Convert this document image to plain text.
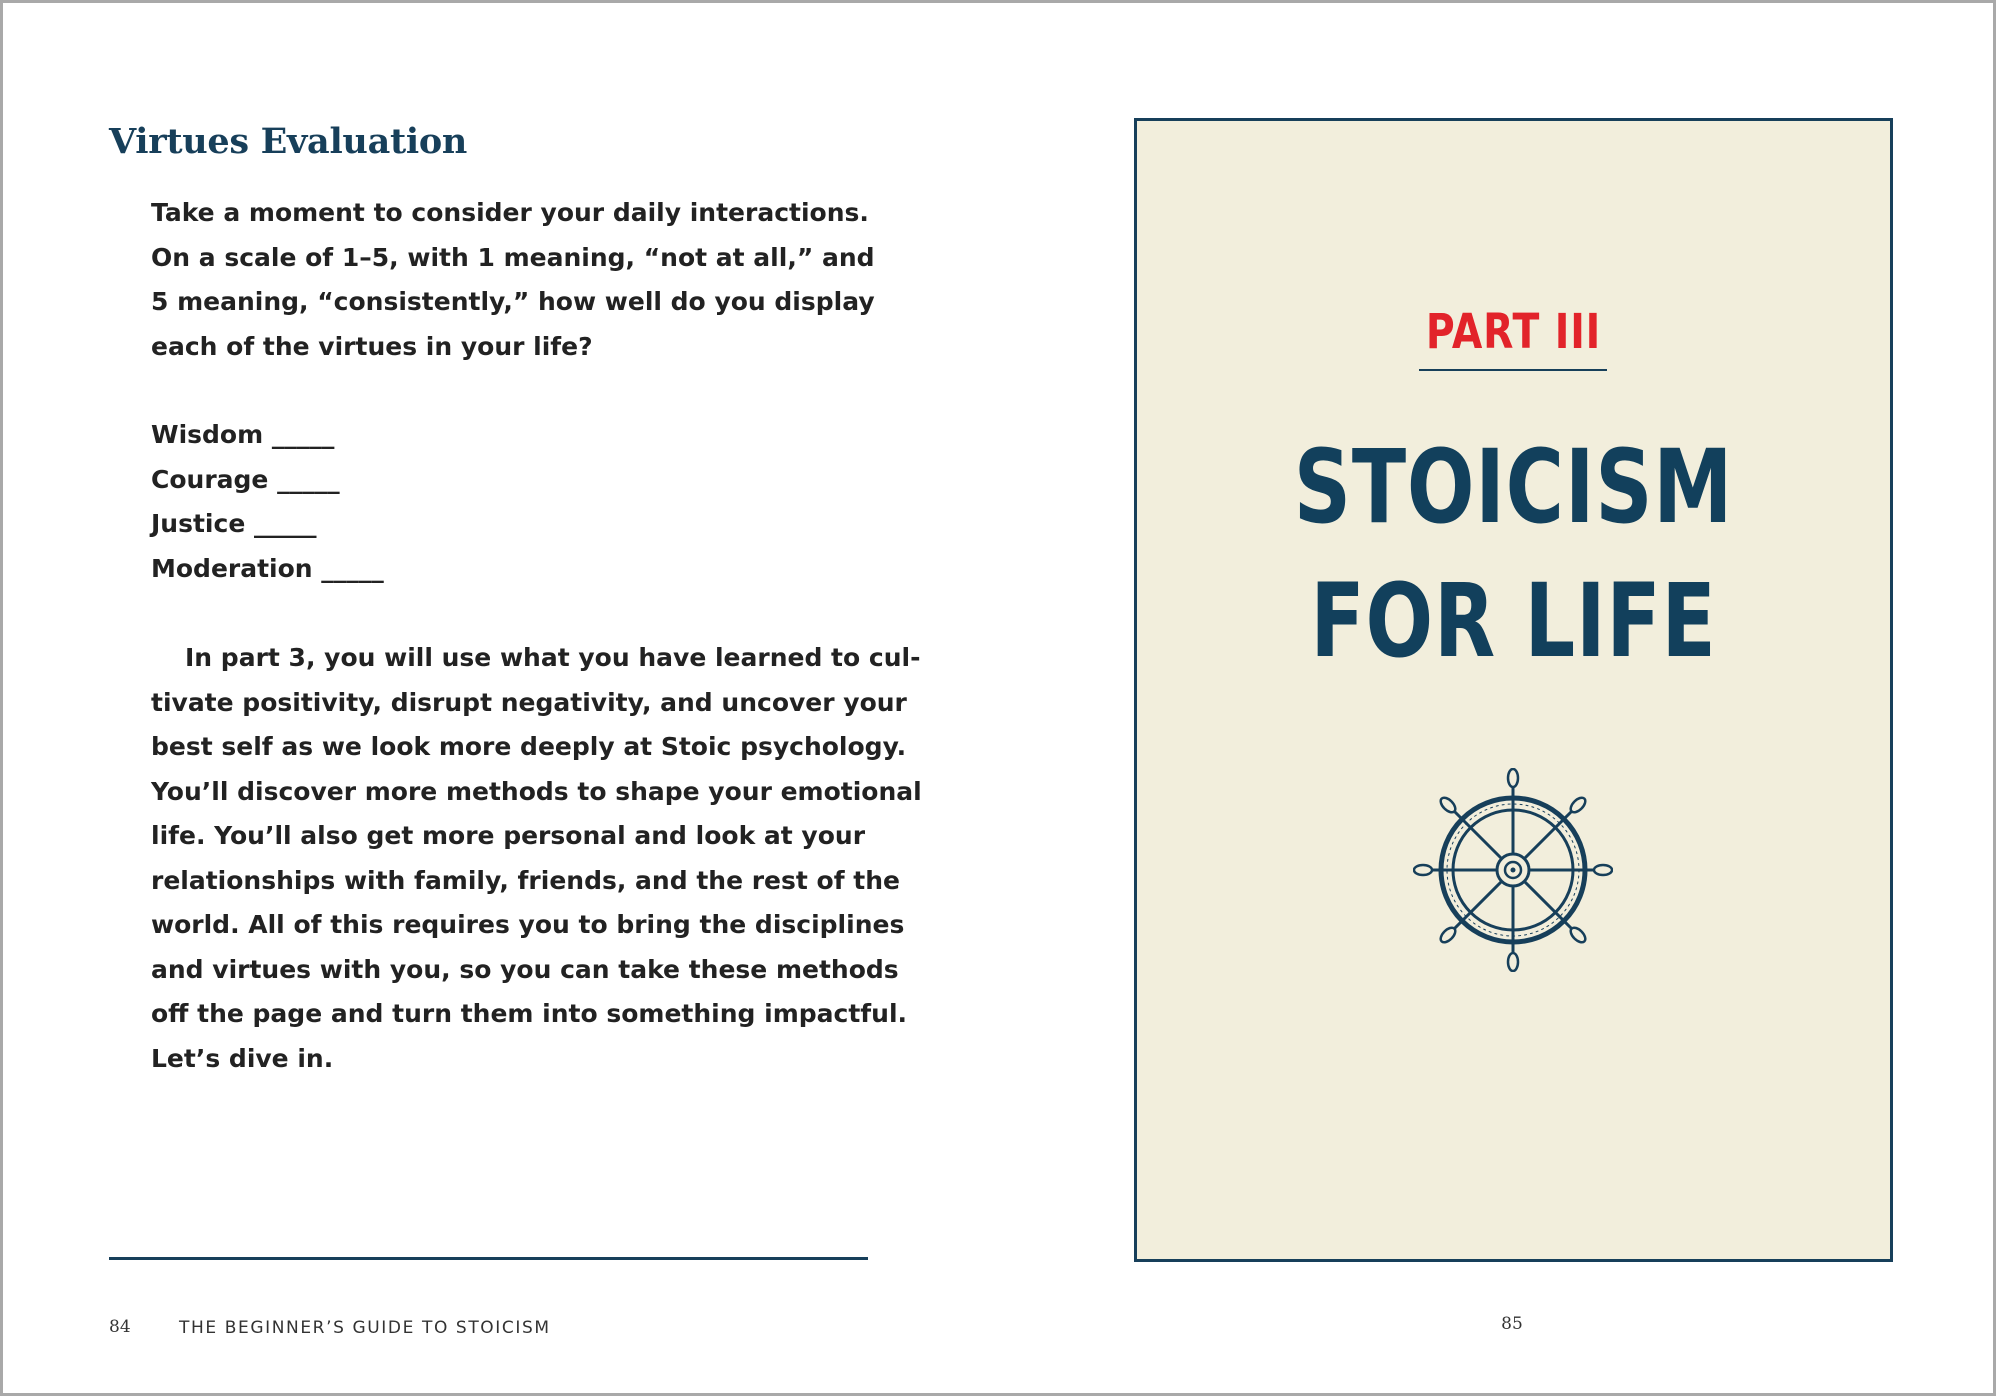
Virtues Evaluation

Take a moment to consider your daily interactions.
On a scale of 1–5, with 1 meaning, “not at all,” and
5 meaning, “consistently,” how well do you display
each of the virtues in your life?

Wisdom _____
Courage _____
Justice _____
Moderation _____

In part 3, you will use what you have learned to cul-
tivate positivity, disrupt negativity, and uncover your
best self as we look more deeply at Stoic psychology.
You’ll discover more methods to shape your emotional
life. You’ll also get more personal and look at your
relationships with family, friends, and the rest of the
world. All of this requires you to bring the disciplines
and virtues with you, so you can take these methods
off the page and turn them into something impactful.
Let’s dive in.

84	THE BEGINNER’S GUIDE TO STOICISM
PART III
STOICISM
FOR LIFE
85
